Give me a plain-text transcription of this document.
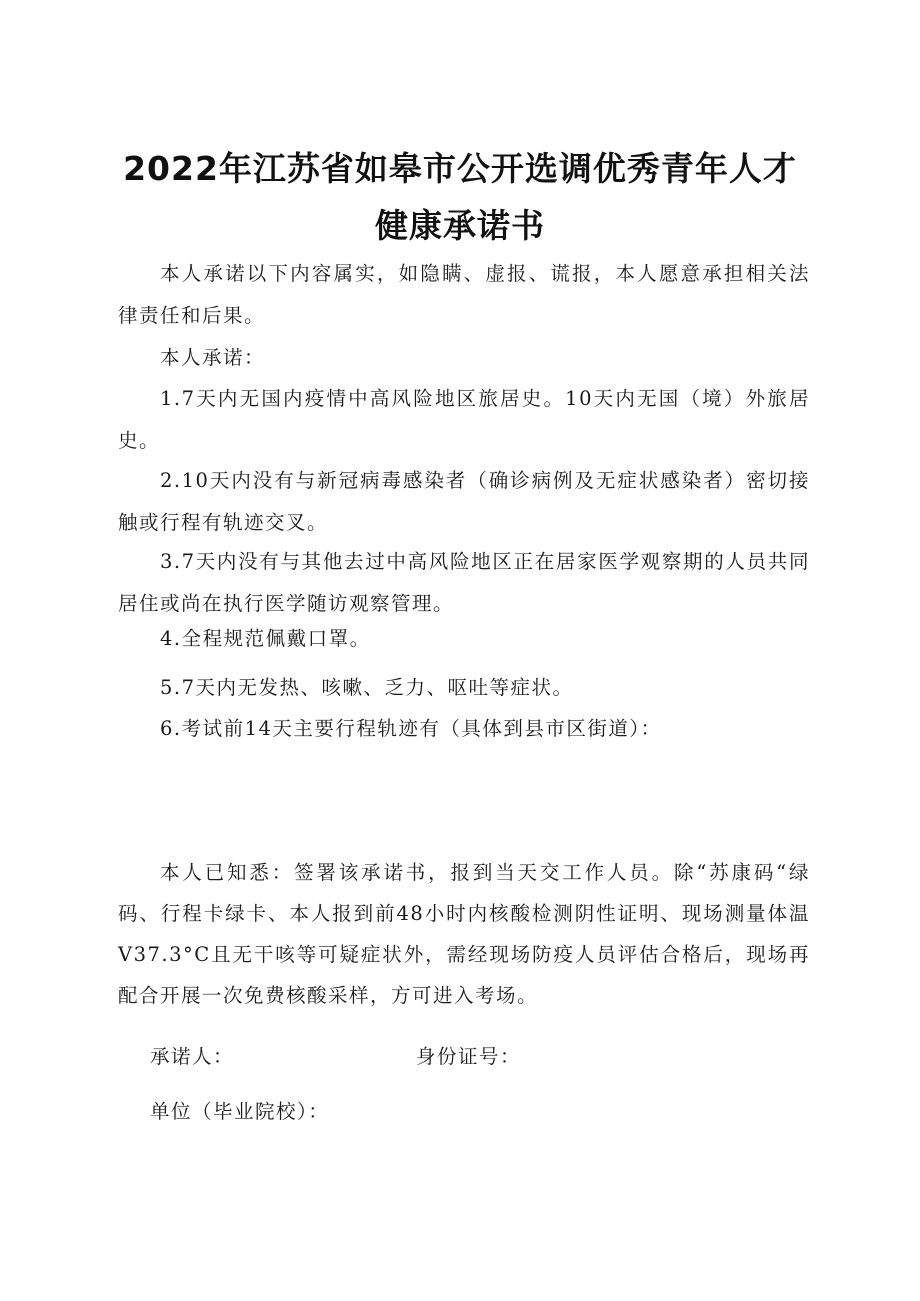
2022年江苏省如皋市公开选调优秀青年人才
健康承诺书

本人承诺以下内容属实，如隐瞒、虚报、谎报，本人愿意承担相关法律责任和后果。

本人承诺：

1.7天内无国内疫情中高风险地区旅居史。10天内无国（境）外旅居史。

2.10天内没有与新冠病毒感染者（确诊病例及无症状感染者）密切接触或行程有轨迹交叉。

3.7天内没有与其他去过中高风险地区正在居家医学观察期的人员共同居住或尚在执行医学随访观察管理。

4.全程规范佩戴口罩。

5.7天内无发热、咳嗽、乏力、呕吐等症状。

6.考试前14天主要行程轨迹有（具体到县市区街道）：

本人已知悉：签署该承诺书，报到当天交工作人员。除“苏康码“绿码、行程卡绿卡、本人报到前48小时内核酸检测阴性证明、现场测量体温V37.3°C且无干咳等可疑症状外，需经现场防疫人员评估合格后，现场再配合开展一次免费核酸采样，方可进入考场。

承诺人：	身份证号：

单位（毕业院校）：
